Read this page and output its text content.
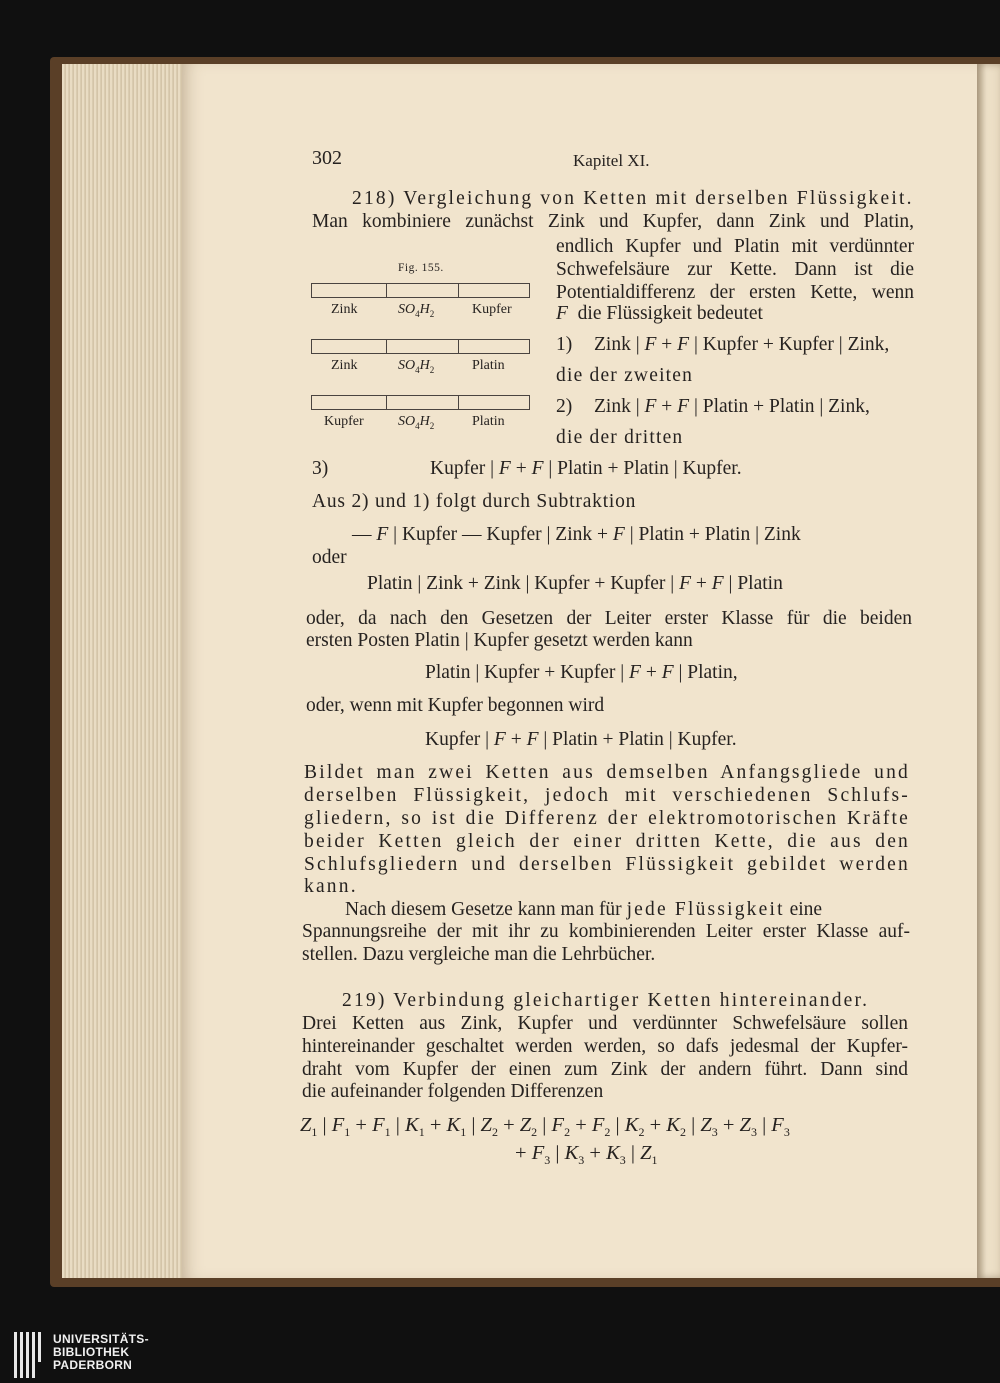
302	Kapitel XI.
218) Vergleichung von Ketten mit derselben Flüssigkeit.
Man kombiniere zunächst Zink und Kupfer, dann Zink und Platin,
endlich Kupfer und Platin mit verdünnter
Schwefelsäure zur Kette. Dann ist die
Potentialdifferenz der ersten Kette, wenn
F die Flüssigkeit bedeutet
Fig. 155.
Zink	$SO_4H_2$	Kupfer
Zink	$SO_4H_2$	Platin
Kupfer $SO_4H_2$	Platin
1) Zink | F + F | Kupfer + Kupfer | Zink,
die der zweiten
2) Zink | F + F | Platin + Platin | Zink,
die der dritten
3)	Kupfer | F + F | Platin + Platin | Kupfer.
Aus 2) und 1) folgt durch Subtraktion
— F | Kupfer — Kupfer | Zink + F | Platin + Platin | Zink
oder
Platin | Zink + Zink | Kupfer + Kupfer | F + F | Platin
oder, da nach den Gesetzen der Leiter erster Klasse für die beiden
ersten Posten Platin | Kupfer gesetzt werden kann
Platin | Kupfer + Kupfer | F + F | Platin,
oder, wenn mit Kupfer begonnen wird
Kupfer | F + F | Platin + Platin | Kupfer.
Bildet man zwei Ketten aus demselben Anfangsgliede und
derselben Flüssigkeit, jedoch mit verschiedenen Schlufs-
gliedern, so ist die Differenz der elektromotorischen Kräfte
beider Ketten gleich der einer dritten Kette, die aus den
Schlufsgliedern und derselben Flüssigkeit gebildet werden
kann.
Nach diesem Gesetze kann man für jede Flüssigkeit eine
Spannungsreihe der mit ihr zu kombinierenden Leiter erster Klasse auf-
stellen. Dazu vergleiche man die Lehrbücher.
219) Verbindung gleichartiger Ketten hintereinander.
Drei Ketten aus Zink, Kupfer und verdünnter Schwefelsäure sollen
hintereinander geschaltet werden werden, so dafs jedesmal der Kupfer-
draht vom Kupfer der einen zum Zink der andern führt. Dann sind
die aufeinander folgenden Differenzen
$Z_1$ | $F_1 + F_1$ | $K_1 + K_1$ | $Z_2 + Z_2$ | $F_2 + F_2$ | $K_2 + K_2$ | $Z_3 + Z_3$ | $F_3$
+ $F_3$ | $K_3 + K_3$ | $Z_1$
UNIVERSITÄTS-
BIBLIOTHEK
PADERBORN
